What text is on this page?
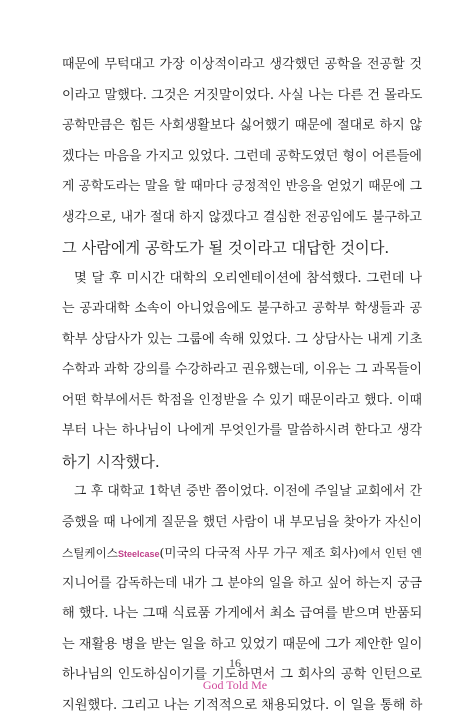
때문에 무턱대고 가장 이상적이라고 생각했던 공학을 전공할 것
이라고 말했다. 그것은 거짓말이었다. 사실 나는 다른 건 몰라도
공학만큼은 힘든 사회생활보다 싫어했기 때문에 절대로 하지 않
겠다는 마음을 가지고 있었다. 그런데 공학도였던 형이 어른들에
게 공학도라는 말을 할 때마다 긍정적인 반응을 얻었기 때문에 그
생각으로, 내가 절대 하지 않겠다고 결심한 전공임에도 불구하고
그 사람에게 공학도가 될 것이라고 대답한 것이다.
몇 달 후 미시간 대학의 오리엔테이션에 참석했다. 그런데 나
는 공과대학 소속이 아니었음에도 불구하고 공학부 학생들과 공
학부 상담사가 있는 그룹에 속해 있었다. 그 상담사는 내게 기초
수학과 과학 강의를 수강하라고 권유했는데, 이유는 그 과목들이
어떤 학부에서든 학점을 인정받을 수 있기 때문이라고 했다. 이때
부터 나는 하나님이 나에게 무엇인가를 말씀하시려 한다고 생각
하기 시작했다.
그 후 대학교 1학년 중반 쯤이었다. 이전에 주일날 교회에서 간
증했을 때 나에게 질문을 했던 사람이 내 부모님을 찾아가 자신이
스틸케이스Steelcase(미국의 다국적 사무 가구 제조 회사)에서 인턴 엔
지니어를 감독하는데 내가 그 분야의 일을 하고 싶어 하는지 궁금
해 했다. 나는 그때 식료품 가게에서 최소 급여를 받으며 반품되
는 재활용 병을 받는 일을 하고 있었기 때문에 그가 제안한 일이
하나님의 인도하심이기를 기도하면서 그 회사의 공학 인턴으로
지원했다. 그리고 나는 기적적으로 채용되었다. 이 일을 통해 하
16
God Told Me
